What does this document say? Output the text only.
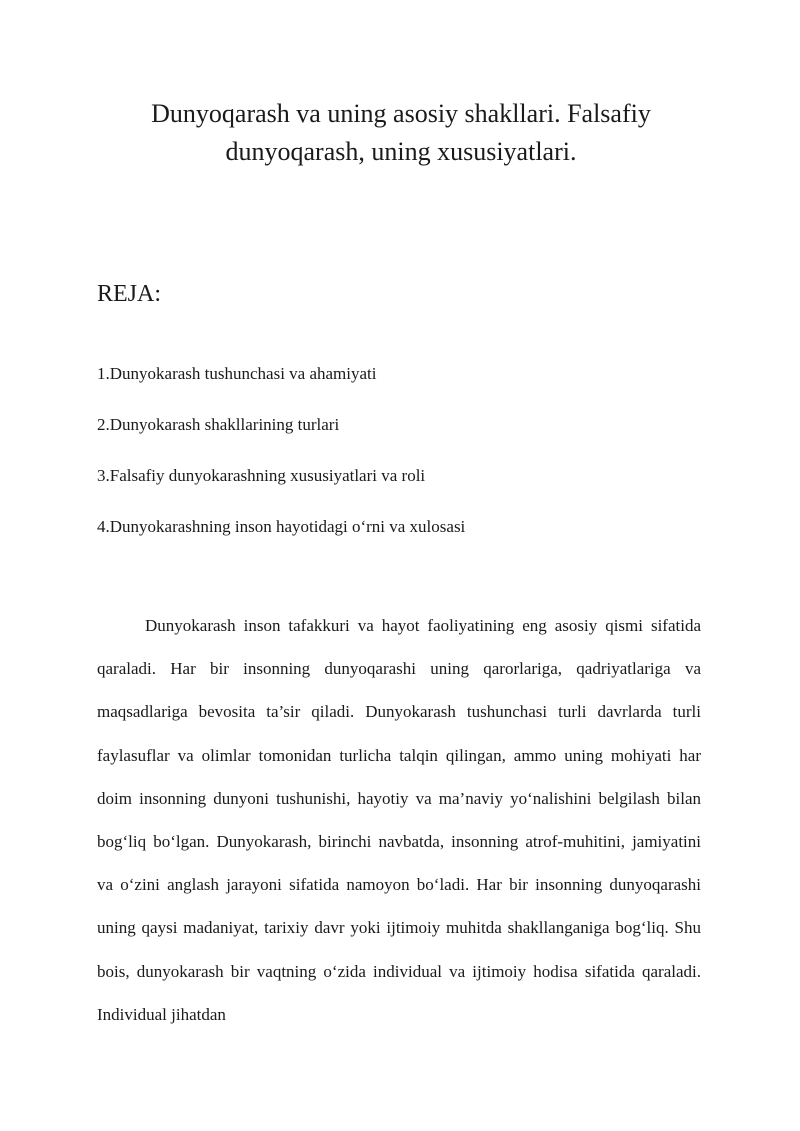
Dunyoqarash va uning asosiy shakllari. Falsafiy dunyoqarash, uning xususiyatlari.
REJA:
1.Dunyokarash tushunchasi va ahamiyati
2.Dunyokarash shakllarining turlari
3.Falsafiy dunyokarashning xususiyatlari va roli
4.Dunyokarashning inson hayotidagi o‘rni va xulosasi

Dunyokarash inson tafakkuri va hayot faoliyatining eng asosiy qismi sifatida qaraladi. Har bir insonning dunyoqarashi uning qarorlariga, qadriyatlariga va maqsadlariga bevosita ta’sir qiladi. Dunyokarash tushunchasi turli davrlarda turli faylasuflar va olimlar tomonidan turlicha talqin qilingan, ammo uning mohiyati har doim insonning dunyoni tushunishi, hayotiy va ma’naviy yo‘nalishini belgilash bilan bog‘liq bo‘lgan. Dunyokarash, birinchi navbatda, insonning atrof-muhitini, jamiyatini va o‘zini anglash jarayoni sifatida namoyon bo‘ladi. Har bir insonning dunyoqarashi uning qaysi madaniyat, tarixiy davr yoki ijtimoiy muhitda shakllanganiga bog‘liq. Shu bois, dunyokarash bir vaqtning o‘zida individual va ijtimoiy hodisa sifatida qaraladi. Individual jihatdan
